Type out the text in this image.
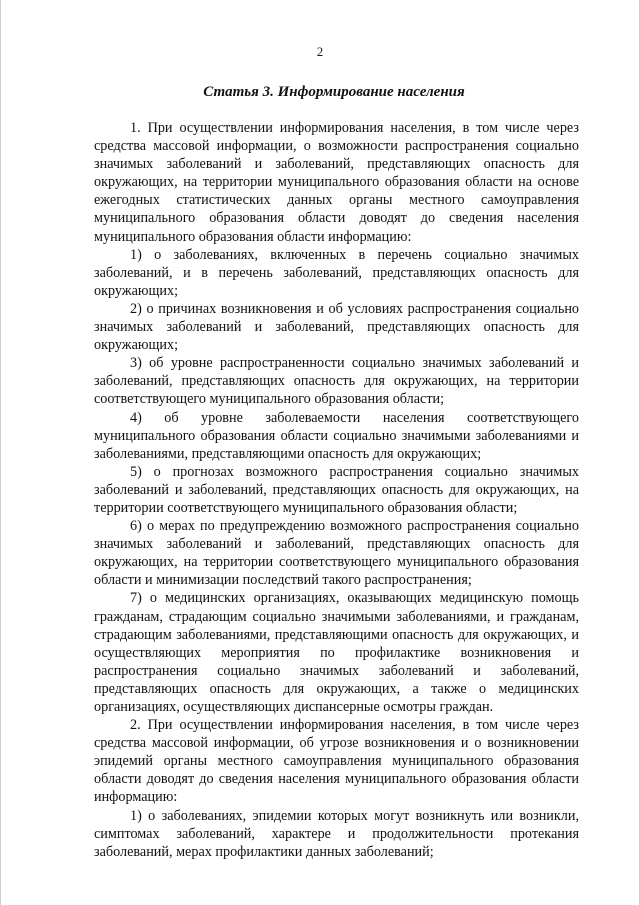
2
Статья 3. Информирование населения

1. При осуществлении информирования населения, в том числе через средства массовой информации, о возможности распространения социально значимых заболеваний и заболеваний, представляющих опасность для окружающих, на территории муниципального образования области на основе ежегодных статистических данных органы местного самоуправления муниципального образования области доводят до сведения населения муниципального образования области информацию:

1) о заболеваниях, включенных в перечень социально значимых заболеваний, и в перечень заболеваний, представляющих опасность для окружающих;

2) о причинах возникновения и об условиях распространения социально значимых заболеваний и заболеваний, представляющих опасность для окружающих;

3) об уровне распространенности социально значимых заболеваний и заболеваний, представляющих опасность для окружающих, на территории соответствующего муниципального образования области;

4) об уровне заболеваемости населения соответствующего муниципального образования области социально значимыми заболеваниями и заболеваниями, представляющими опасность для окружающих;

5) о прогнозах возможного распространения социально значимых заболеваний и заболеваний, представляющих опасность для окружающих, на территории соответствующего муниципального образования области;

6) о мерах по предупреждению возможного распространения социально значимых заболеваний и заболеваний, представляющих опасность для окружающих, на территории соответствующего муниципального образования области и минимизации последствий такого распространения;

7) о медицинских организациях, оказывающих медицинскую помощь гражданам, страдающим социально значимыми заболеваниями, и гражданам, страдающим заболеваниями, представляющими опасность для окружающих, и осуществляющих мероприятия по профилактике возникновения и распространения социально значимых заболеваний и заболеваний, представляющих опасность для окружающих, а также о медицинских организациях, осуществляющих диспансерные осмотры граждан.

2. При осуществлении информирования населения, в том числе через средства массовой информации, об угрозе возникновения и о возникновении эпидемий органы местного самоуправления муниципального образования области доводят до сведения населения муниципального образования области информацию:

1) о заболеваниях, эпидемии которых могут возникнуть или возникли, симптомах заболеваний, характере и продолжительности протекания заболеваний, мерах профилактики данных заболеваний;
